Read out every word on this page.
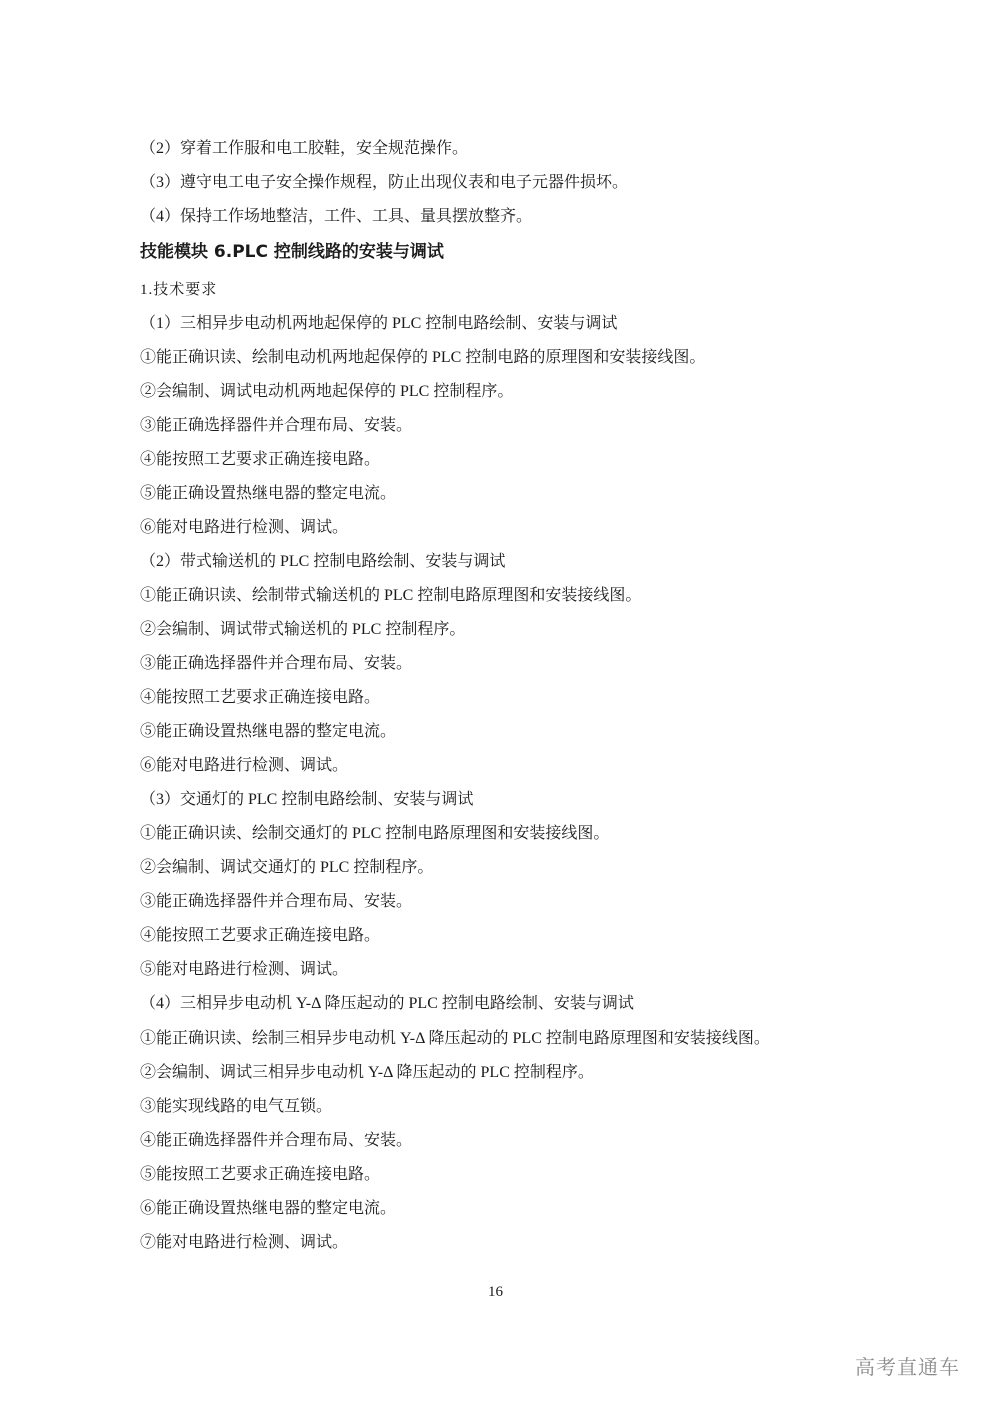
（2）穿着工作服和电工胶鞋，安全规范操作。
（3）遵守电工电子安全操作规程，防止出现仪表和电子元器件损坏。
（4）保持工作场地整洁，工件、工具、量具摆放整齐。
技能模块 6.PLC 控制线路的安装与调试
1.技术要求
（1）三相异步电动机两地起保停的 PLC 控制电路绘制、安装与调试
①能正确识读、绘制电动机两地起保停的 PLC 控制电路的原理图和安装接线图。
②会编制、调试电动机两地起保停的 PLC 控制程序。
③能正确选择器件并合理布局、安装。
④能按照工艺要求正确连接电路。
⑤能正确设置热继电器的整定电流。
⑥能对电路进行检测、调试。
（2）带式输送机的 PLC 控制电路绘制、安装与调试
①能正确识读、绘制带式输送机的 PLC 控制电路原理图和安装接线图。
②会编制、调试带式输送机的 PLC 控制程序。
③能正确选择器件并合理布局、安装。
④能按照工艺要求正确连接电路。
⑤能正确设置热继电器的整定电流。
⑥能对电路进行检测、调试。
（3）交通灯的 PLC 控制电路绘制、安装与调试
①能正确识读、绘制交通灯的 PLC 控制电路原理图和安装接线图。
②会编制、调试交通灯的 PLC 控制程序。
③能正确选择器件并合理布局、安装。
④能按照工艺要求正确连接电路。
⑤能对电路进行检测、调试。
（4）三相异步电动机 Y-Δ 降压起动的 PLC 控制电路绘制、安装与调试
①能正确识读、绘制三相异步电动机 Y-Δ 降压起动的 PLC 控制电路原理图和安装接线图。
②会编制、调试三相异步电动机 Y-Δ 降压起动的 PLC 控制程序。
③能实现线路的电气互锁。
④能正确选择器件并合理布局、安装。
⑤能按照工艺要求正确连接电路。
⑥能正确设置热继电器的整定电流。
⑦能对电路进行检测、调试。
16
高考直通车
